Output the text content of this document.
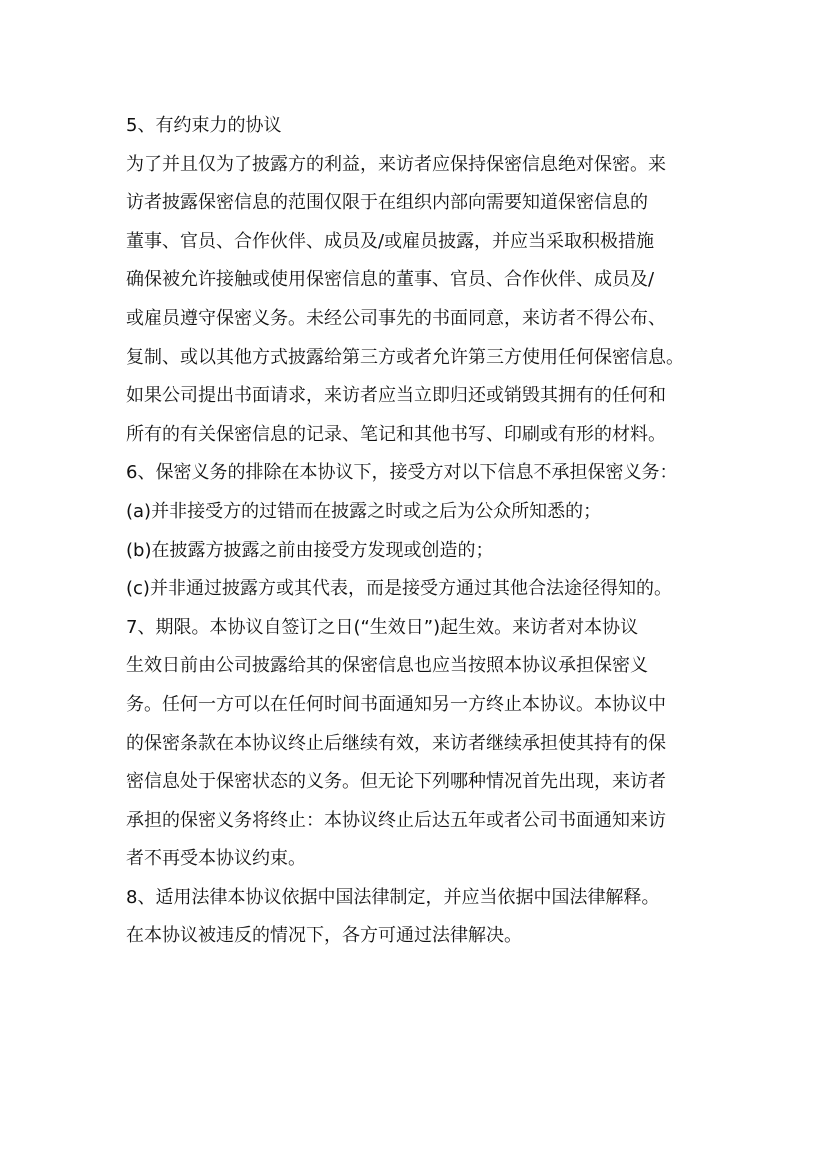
5、有约束力的协议
为了并且仅为了披露方的利益，来访者应保持保密信息绝对保密。来
访者披露保密信息的范围仅限于在组织内部向需要知道保密信息的
董事、官员、合作伙伴、成员及/或雇员披露，并应当采取积极措施
确保被允许接触或使用保密信息的董事、官员、合作伙伴、成员及/
或雇员遵守保密义务。未经公司事先的书面同意，来访者不得公布、
复制、或以其他方式披露给第三方或者允许第三方使用任何保密信息。
如果公司提出书面请求，来访者应当立即归还或销毁其拥有的任何和
所有的有关保密信息的记录、笔记和其他书写、印刷或有形的材料。
6、保密义务的排除在本协议下，接受方对以下信息不承担保密义务：
(a)并非接受方的过错而在披露之时或之后为公众所知悉的；
(b)在披露方披露之前由接受方发现或创造的；
(c)并非通过披露方或其代表，而是接受方通过其他合法途径得知的。
7、期限。本协议自签订之日(“生效日”)起生效。来访者对本协议
生效日前由公司披露给其的保密信息也应当按照本协议承担保密义
务。任何一方可以在任何时间书面通知另一方终止本协议。本协议中
的保密条款在本协议终止后继续有效，来访者继续承担使其持有的保
密信息处于保密状态的义务。但无论下列哪种情况首先出现，来访者
承担的保密义务将终止：本协议终止后达五年或者公司书面通知来访
者不再受本协议约束。
8、适用法律本协议依据中国法律制定，并应当依据中国法律解释。
在本协议被违反的情况下，各方可通过法律解决。
